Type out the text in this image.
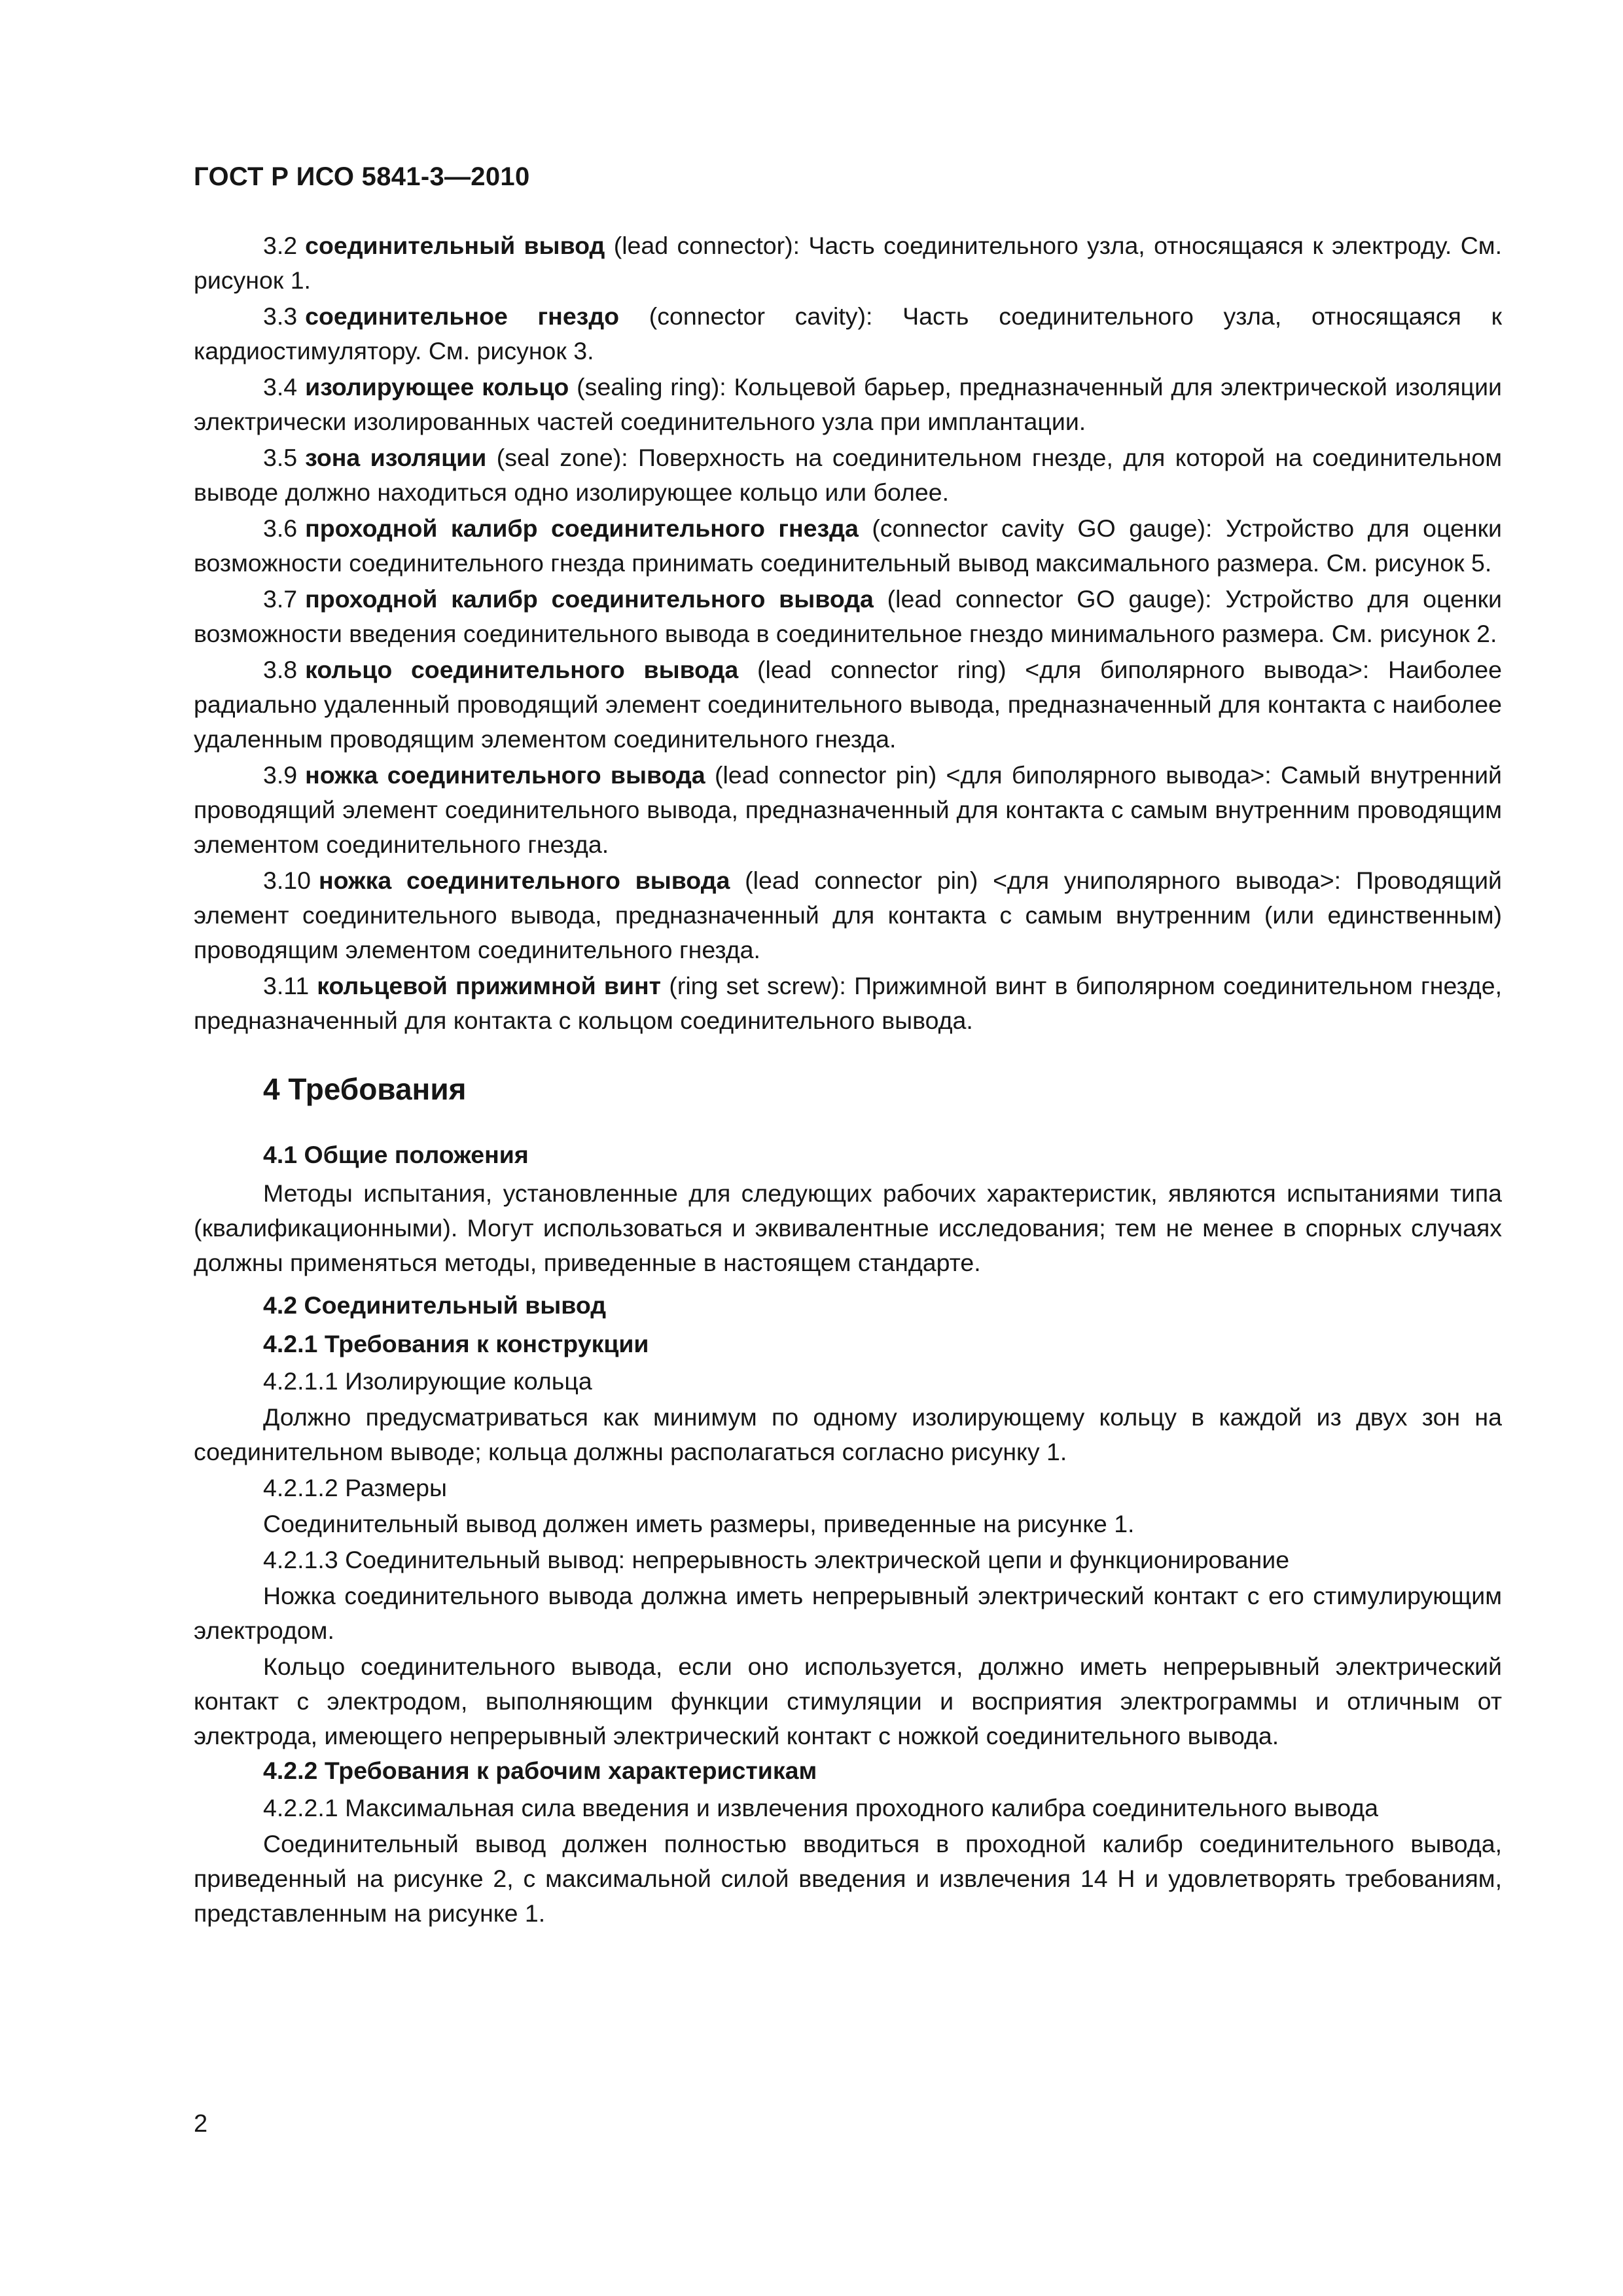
ГОСТ Р ИСО 5841-3—2010

3.2 соединительный вывод (lead connector): Часть соединительного узла, относящаяся к электроду. См. рисунок 1.

3.3 соединительное гнездо (connector cavity): Часть соединительного узла, относящаяся к кардиостимулятору. См. рисунок 3.

3.4 изолирующее кольцо (sealing ring): Кольцевой барьер, предназначенный для электрической изоляции электрически изолированных частей соединительного узла при имплантации.

3.5 зона изоляции (seal zone): Поверхность на соединительном гнезде, для которой на соединительном выводе должно находиться одно изолирующее кольцо или более.

3.6 проходной калибр соединительного гнезда (connector cavity GO gauge): Устройство для оценки возможности соединительного гнезда принимать соединительный вывод максимального размера. См. рисунок 5.

3.7 проходной калибр соединительного вывода (lead connector GO gauge): Устройство для оценки возможности введения соединительного вывода в соединительное гнездо минимального размера. См. рисунок 2.

3.8 кольцо соединительного вывода (lead connector ring) <для биполярного вывода>: Наиболее радиально удаленный проводящий элемент соединительного вывода, предназначенный для контакта с наиболее удаленным проводящим элементом соединительного гнезда.

3.9 ножка соединительного вывода (lead connector pin) <для биполярного вывода>: Самый внутренний проводящий элемент соединительного вывода, предназначенный для контакта с самым внутренним проводящим элементом соединительного гнезда.

3.10 ножка соединительного вывода (lead connector pin) <для униполярного вывода>: Проводящий элемент соединительного вывода, предназначенный для контакта с самым внутренним (или единственным) проводящим элементом соединительного гнезда.

3.11 кольцевой прижимной винт (ring set screw): Прижимной винт в биполярном соединительном гнезде, предназначенный для контакта с кольцом соединительного вывода.

4 Требования
4.1 Общие положения

Методы испытания, установленные для следующих рабочих характеристик, являются испытаниями типа (квалификационными). Могут использоваться и эквивалентные исследования; тем не менее в спорных случаях должны применяться методы, приведенные в настоящем стандарте.

4.2 Соединительный вывод
4.2.1 Требования к конструкции
4.2.1.1 Изолирующие кольца

Должно предусматриваться как минимум по одному изолирующему кольцу в каждой из двух зон на соединительном выводе; кольца должны располагаться согласно рисунку 1.

4.2.1.2 Размеры

Соединительный вывод должен иметь размеры, приведенные на рисунке 1.

4.2.1.3 Соединительный вывод: непрерывность электрической цепи и функционирование

Ножка соединительного вывода должна иметь непрерывный электрический контакт с его стимулирующим электродом.

Кольцо соединительного вывода, если оно используется, должно иметь непрерывный электрический контакт с электродом, выполняющим функции стимуляции и восприятия электрограммы и отличным от электрода, имеющего непрерывный электрический контакт с ножкой соединительного вывода.

4.2.2 Требования к рабочим характеристикам

4.2.2.1 Максимальная сила введения и извлечения проходного калибра соединительного вывода

Соединительный вывод должен полностью вводиться в проходной калибр соединительного вывода, приведенный на рисунке 2, с максимальной силой введения и извлечения 14 Н и удовлетворять требованиям, представленным на рисунке 1.

2
